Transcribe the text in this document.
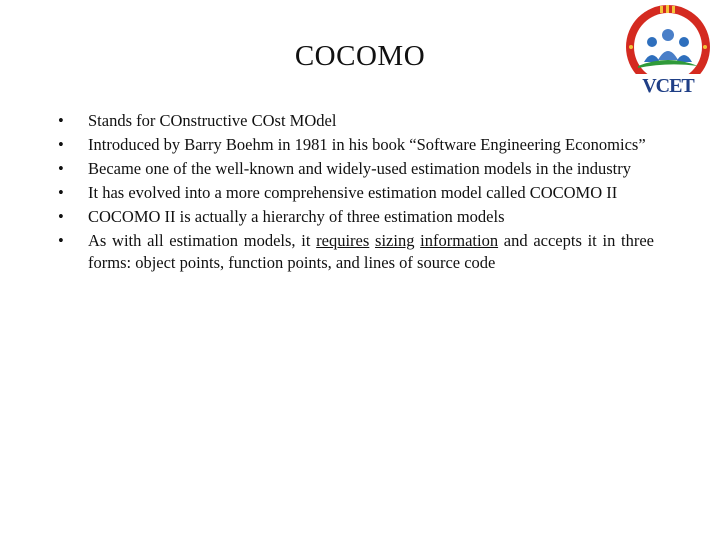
COCOMO
VCET
•	Stands for COnstructive COst MOdel
•	Introduced by Barry Boehm in 1981 in his book “Software Engineering Economics”
•	Became one of the well-known and widely-used estimation models in the industry
•	It has evolved into a more comprehensive estimation model called COCOMO II
•	COCOMO II is actually a hierarchy of three estimation models
•	As with all estimation models, it requires sizing information and accepts it in three forms: object points, function points, and lines of source code
